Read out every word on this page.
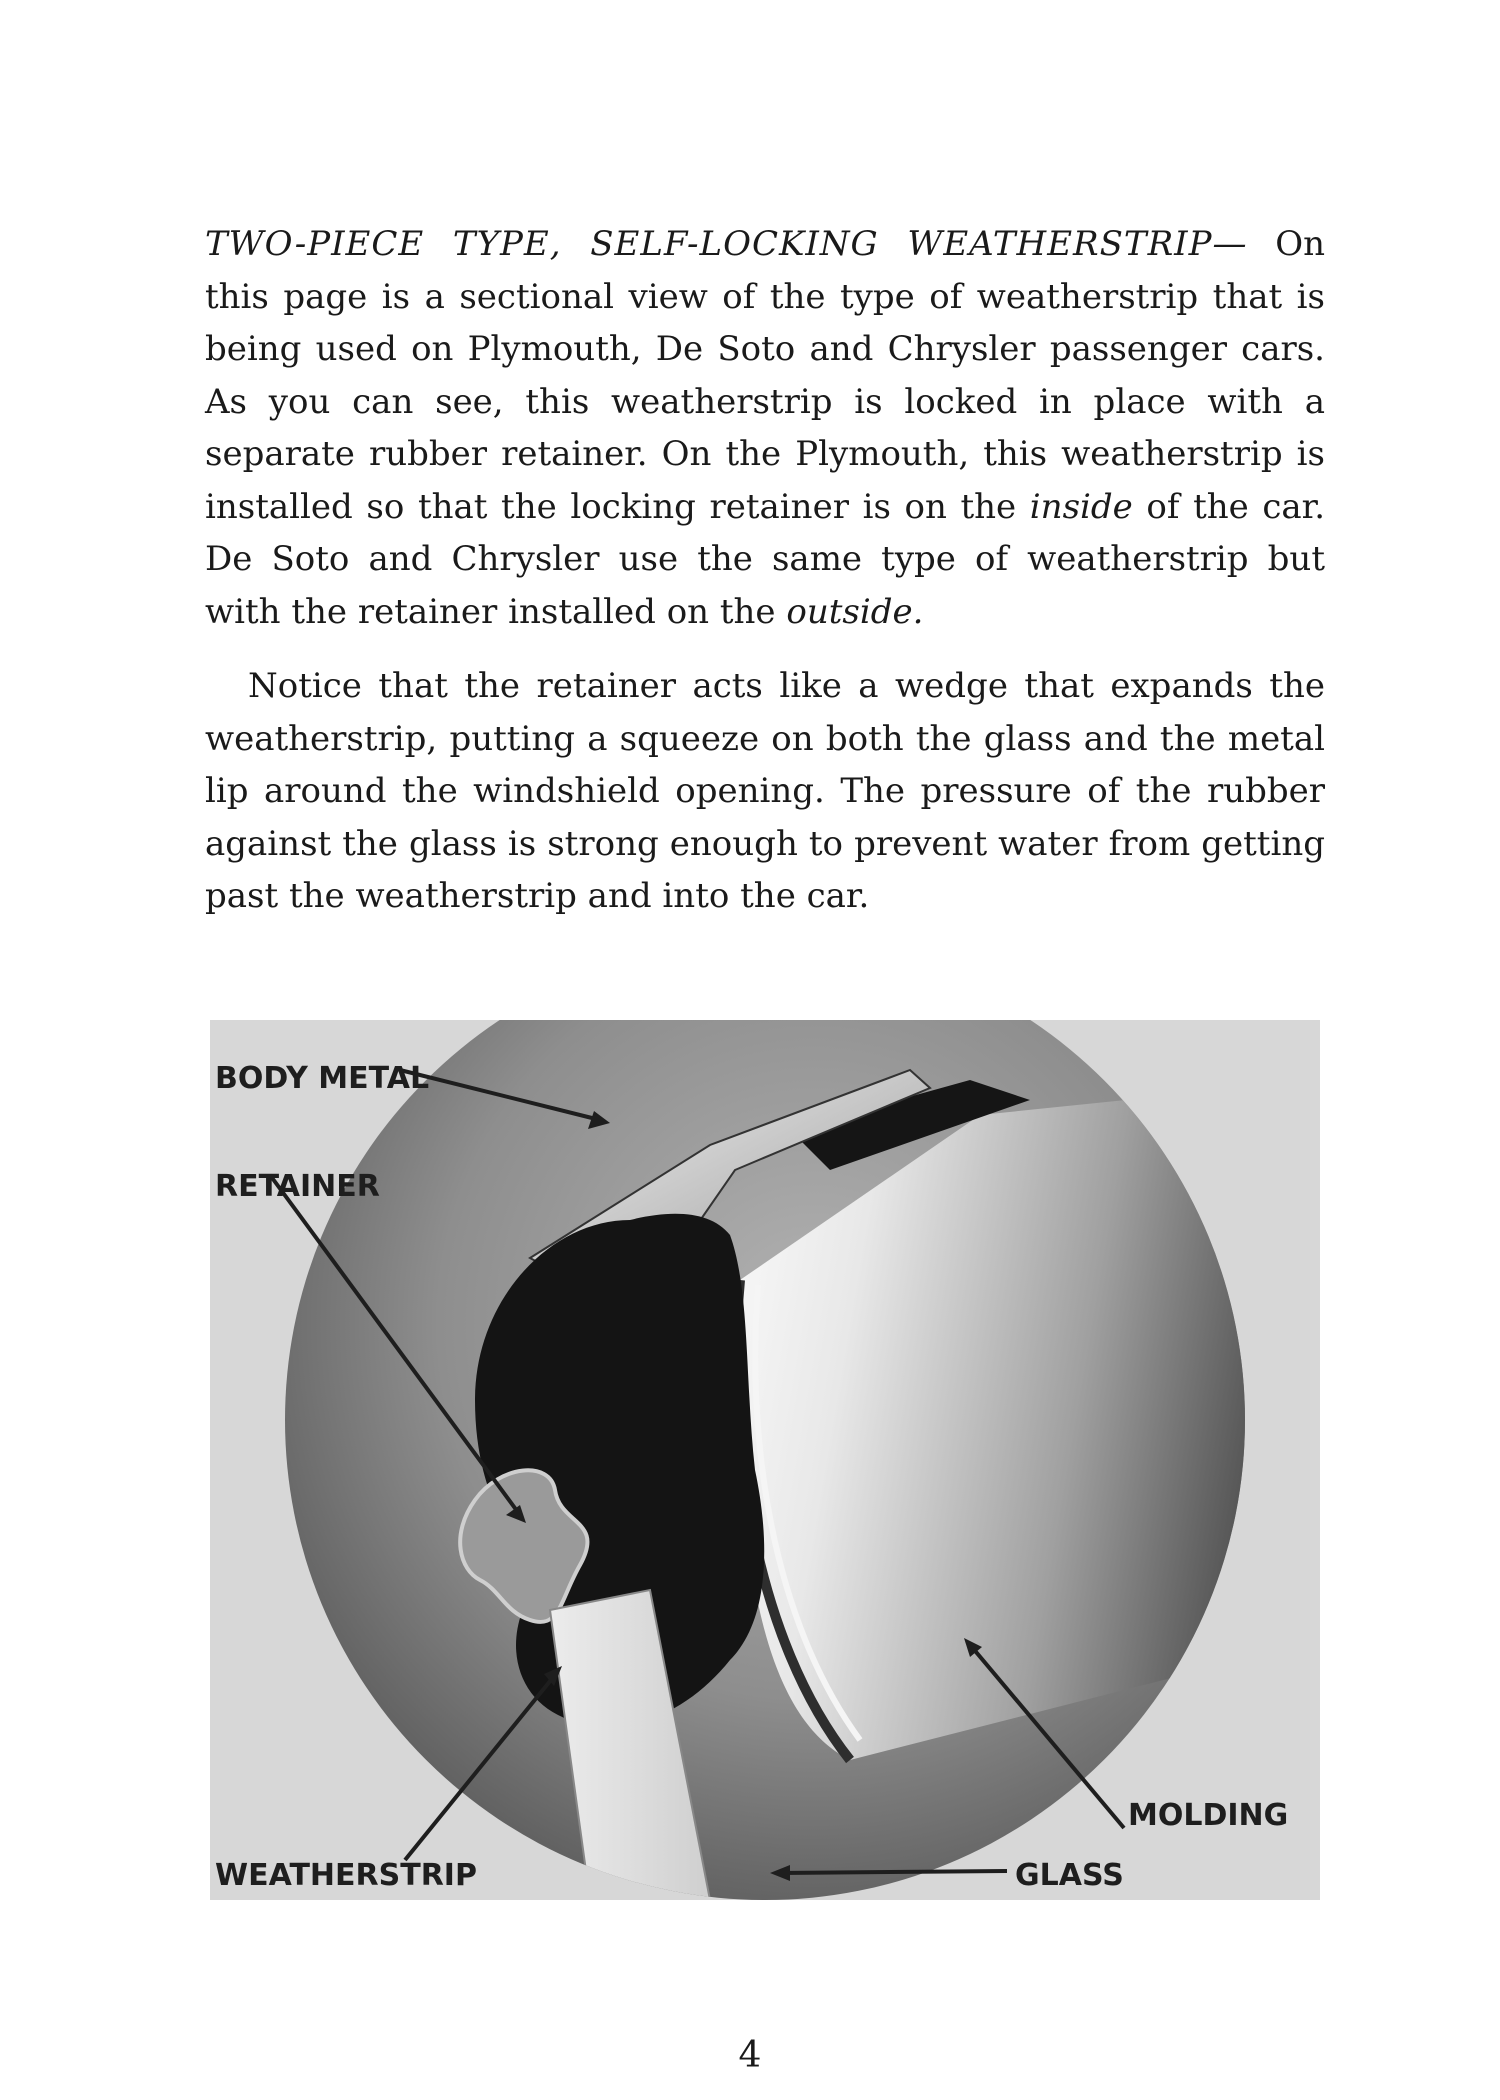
TWO-PIECE TYPE, SELF-LOCKING WEATHERSTRIP— On this page is a sectional view of the type of weatherstrip that is being used on Plymouth, De Soto and Chrysler passenger cars. As you can see, this weatherstrip is locked in place with a separate rubber retainer. On the Plymouth, this weatherstrip is installed so that the locking retainer is on the inside of the car. De Soto and Chrysler use the same type of weatherstrip but with the retainer installed on the outside.

Notice that the retainer acts like a wedge that expands the weatherstrip, putting a squeeze on both the glass and the metal lip around the windshield opening. The pressure of the rubber against the glass is strong enough to prevent water from getting past the weatherstrip and into the car.

BODY METAL
RETAINER
WEATHERSTRIP	GLASS
MOLDING
4
